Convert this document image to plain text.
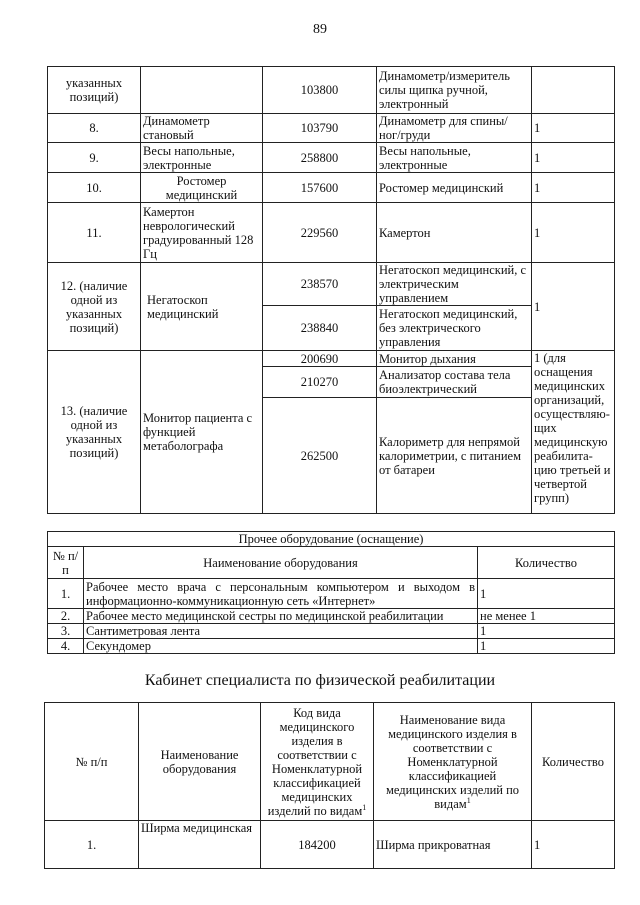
89
указанных позиций)		103800	Динамометр/измеритель силы щипка ручной, электронный	
8.	Динамометр становый	103790	Динамометр для спины/ног/груди	1
9.	Весы напольные, электронные	258800	Весы напольные, электронные	1
10.	Ростомер медицинский	157600	Ростомер медицинский	1
11.	Камертон неврологический градуированный 128 Гц	229560	Камертон	1
12. (наличие одной из указанных позиций)	Негатоскоп медицинский	238570	Негатоскоп медицинский, с электрическим управлением	1
		238840	Негатоскоп медицинский, без электрического управления	
13. (наличие одной из указанных позиций)	Монитор пациента с функцией метаболографа	200690	Монитор дыхания	1 (для оснащения медицинских организаций, осуществляю-щих медицинскую реабилита-цию третьей и четвертой групп)
		210270	Анализатор состава тела биоэлектрический	
		262500	Калориметр для непрямой калориметрии, с питанием от батареи	
Прочее оборудование (оснащение)		
№ п/п	Наименование оборудования	Количество
1.	Рабочее место врача с персональным компьютером и выходом в информационно-коммуникационную сеть «Интернет»	1
2.	Рабочее место медицинской сестры по медицинской реабилитации	не менее 1
3.	Сантиметровая лента	1
4.	Секундомер	1
Кабинет специалиста по физической реабилитации
№ п/п	Наименование оборудования	Код вида медицинского изделия в соответствии с Номенклатурной классификацией медицинских изделий по видам$^1$	Наименование вида медицинского изделия в соответствии с Номенклатурной классификацией медицинских изделий по видам$^1$	Количество
1.	Ширма медицинская	184200	Ширма прикроватная	1
